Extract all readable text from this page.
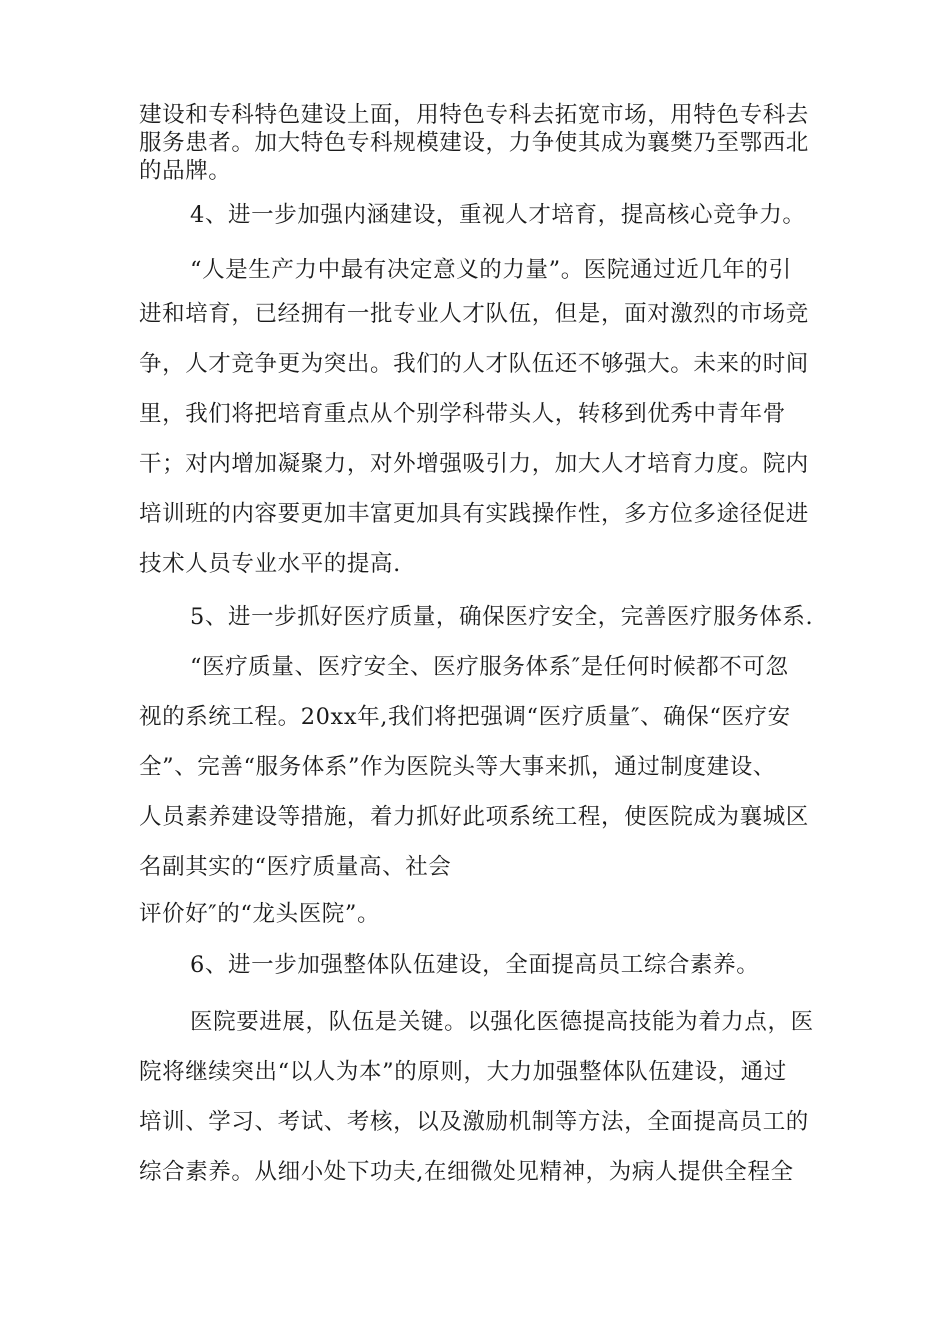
建设和专科特色建设上面，用特色专科去拓宽市场，用特色专科去
服务患者。加大特色专科规模建设，力争使其成为襄樊乃至鄂西北
的品牌。
4、进一步加强内涵建设，重视人才培育，提高核心竞争力。
“人是生产力中最有决定意义的力量”。医院通过近几年的引
进和培育，已经拥有一批专业人才队伍，但是，面对激烈的市场竞
争，人才竞争更为突出。我们的人才队伍还不够强大。未来的时间
里，我们将把培育重点从个别学科带头人，转移到优秀中青年骨
干；对内增加凝聚力，对外增强吸引力，加大人才培育力度。院内
培训班的内容要更加丰富更加具有实践操作性，多方位多途径促进
技术人员专业水平的提高.
5、进一步抓好医疗质量，确保医疗安全，完善医疗服务体系.
“医疗质量、医疗安全、医疗服务体系″是任何时候都不可忽
视的系统工程。20xx年,我们将把强调“医疗质量″、确保“医疗安
全”、完善“服务体系”作为医院头等大事来抓，通过制度建设、
人员素养建设等措施，着力抓好此项系统工程，使医院成为襄城区
名副其实的“医疗质量高、社会
评价好″的“龙头医院”。
6、进一步加强整体队伍建设，全面提高员工综合素养。
医院要进展，队伍是关键。以强化医德提高技能为着力点，医
院将继续突出“以人为本”的原则，大力加强整体队伍建设，通过
培训、学习、考试、考核，以及激励机制等方法，全面提高员工的
综合素养。从细小处下功夫,在细微处见精神，为病人提供全程全
